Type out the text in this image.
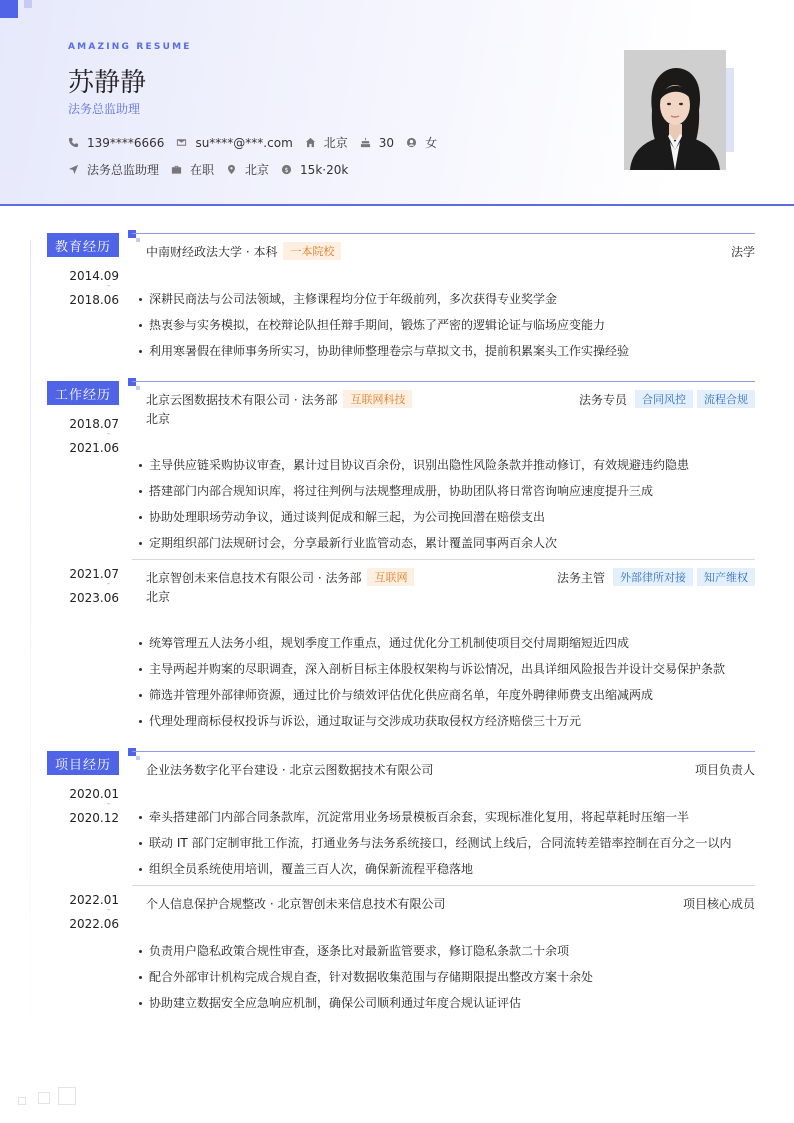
AMAZING RESUME
苏静静
法务总监助理
139****6666	su****@***.com	北京	30	女
法务总监助理	在职	北京 $ 15k·20k
教育经历
2014.09
-
2018.06
中南财经政法大学 · 本科	一本院校	法学
深耕民商法与公司法领域，主修课程均分位于年级前列，多次获得专业奖学金
热衷参与实务模拟，在校辩论队担任辩手期间，锻炼了严密的逻辑论证与临场应变能力
利用寒暑假在律师事务所实习，协助律师整理卷宗与草拟文书，提前积累案头工作实操经验
工作经历
2018.07
-
2021.06
北京云图数据技术有限公司 · 法务部	互联网科技	法务专员	合同风控	流程合规
北京
主导供应链采购协议审查，累计过目协议百余份，识别出隐性风险条款并推动修订，有效规避违约隐患
搭建部门内部合规知识库，将过往判例与法规整理成册，协助团队将日常咨询响应速度提升三成
协助处理职场劳动争议，通过谈判促成和解三起，为公司挽回潜在赔偿支出
定期组织部门法规研讨会，分享最新行业监管动态，累计覆盖同事两百余人次
2021.07
-
2023.06
北京智创未来信息技术有限公司 · 法务部	互联网	法务主管	外部律所对接	知产维权
北京
统筹管理五人法务小组，规划季度工作重点，通过优化分工机制使项目交付周期缩短近四成
主导两起并购案的尽职调查，深入剖析目标主体股权架构与诉讼情况，出具详细风险报告并设计交易保护条款
筛选并管理外部律师资源，通过比价与绩效评估优化供应商名单，年度外聘律师费支出缩减两成
代理处理商标侵权投诉与诉讼，通过取证与交涉成功获取侵权方经济赔偿三十万元
项目经历
2020.01
-
2020.12
企业法务数字化平台建设 · 北京云图数据技术有限公司	项目负责人
牵头搭建部门内部合同条款库，沉淀常用业务场景模板百余套，实现标准化复用，将起草耗时压缩一半
联动 IT 部门定制审批工作流，打通业务与法务系统接口，经测试上线后，合同流转差错率控制在百分之一以内
组织全员系统使用培训，覆盖三百人次，确保新流程平稳落地
2022.01
-
2022.06
个人信息保护合规整改 · 北京智创未来信息技术有限公司	项目核心成员
负责用户隐私政策合规性审查，逐条比对最新监管要求，修订隐私条款二十余项
配合外部审计机构完成合规自查，针对数据收集范围与存储期限提出整改方案十余处
协助建立数据安全应急响应机制，确保公司顺利通过年度合规认证评估
